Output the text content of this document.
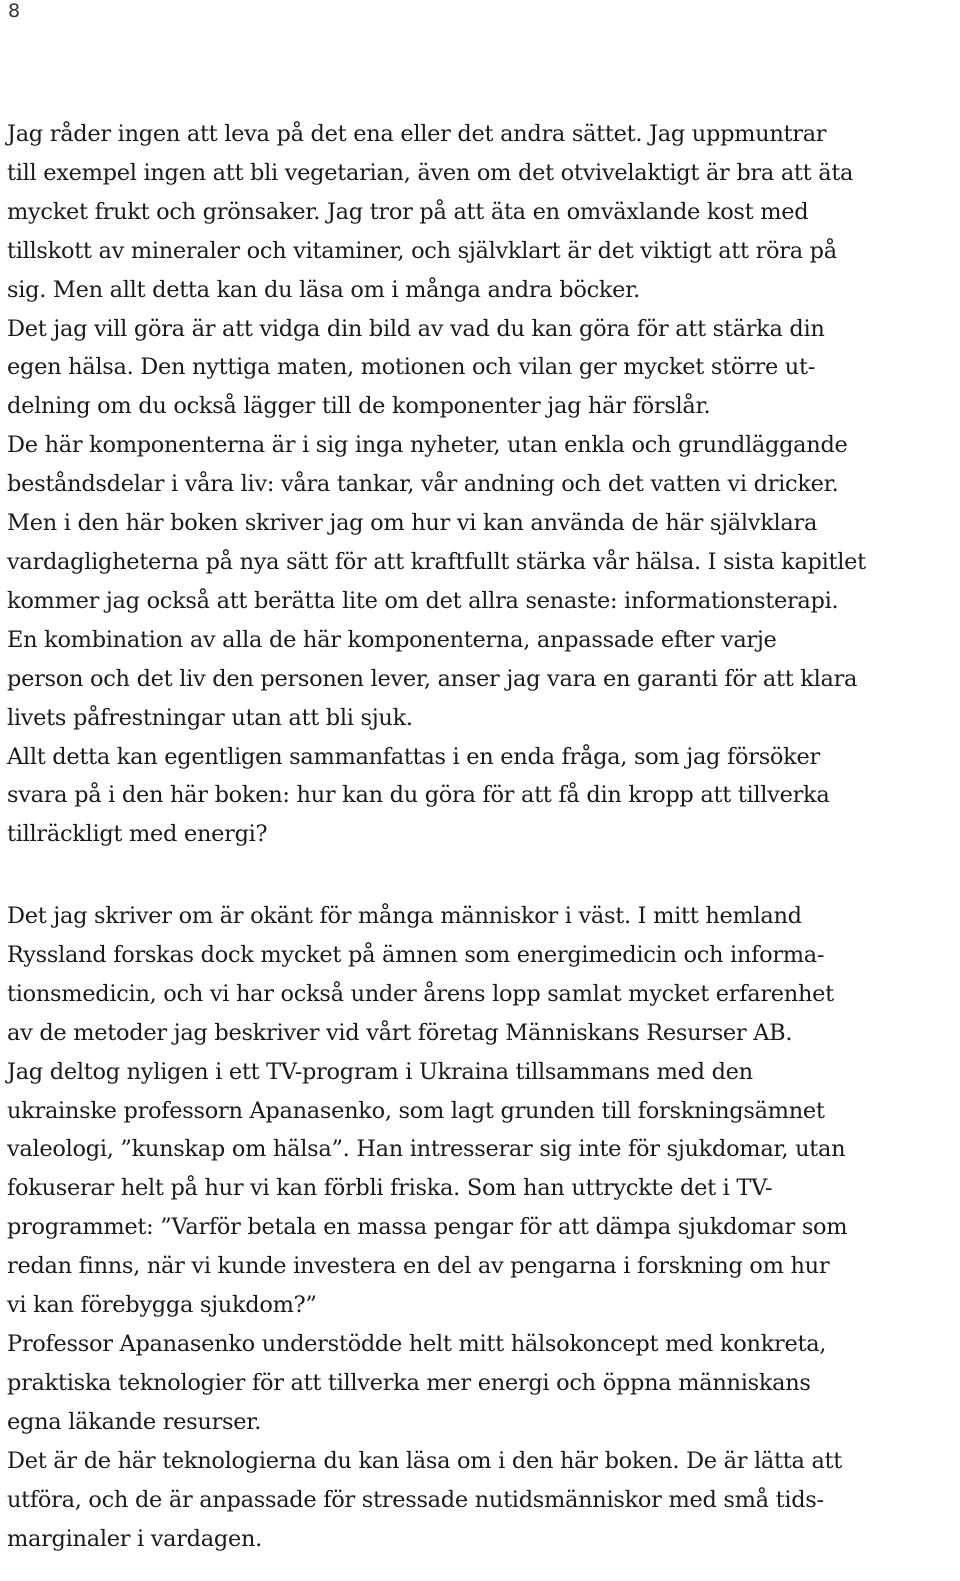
8
Jag råder ingen att leva på det ena eller det andra sättet. Jag uppmuntrar
till exempel ingen att bli vegetarian, även om det otvivelaktigt är bra att äta
mycket frukt och grönsaker. Jag tror på att äta en omväxlande kost med
tillskott av mineraler och vitaminer, och självklart är det viktigt att röra på
sig. Men allt detta kan du läsa om i många andra böcker.
Det jag vill göra är att vidga din bild av vad du kan göra för att stärka din
egen hälsa. Den nyttiga maten, motionen och vilan ger mycket större ut-
delning om du också lägger till de komponenter jag här förslår.
De här komponenterna är i sig inga nyheter, utan enkla och grundläggande
beståndsdelar i våra liv: våra tankar, vår andning och det vatten vi dricker.
Men i den här boken skriver jag om hur vi kan använda de här självklara
vardagligheterna på nya sätt för att kraftfullt stärka vår hälsa. I sista kapitlet
kommer jag också att berätta lite om det allra senaste: informationsterapi.
En kombination av alla de här komponenterna, anpassade efter varje
person och det liv den personen lever, anser jag vara en garanti för att klara
livets påfrestningar utan att bli sjuk.
Allt detta kan egentligen sammanfattas i en enda fråga, som jag försöker
svara på i den här boken: hur kan du göra för att få din kropp att tillverka
tillräckligt med energi?
Det jag skriver om är okänt för många människor i väst. I mitt hemland
Ryssland forskas dock mycket på ämnen som energimedicin och informa-
tionsmedicin, och vi har också under årens lopp samlat mycket erfarenhet
av de metoder jag beskriver vid vårt företag Människans Resurser AB.
Jag deltog nyligen i ett TV-program i Ukraina tillsammans med den
ukrainske professorn Apanasenko, som lagt grunden till forskningsämnet
valeologi, ”kunskap om hälsa”. Han intresserar sig inte för sjukdomar, utan
fokuserar helt på hur vi kan förbli friska. Som han uttryckte det i TV-
programmet: ”Varför betala en massa pengar för att dämpa sjukdomar som
redan finns, när vi kunde investera en del av pengarna i forskning om hur
vi kan förebygga sjukdom?”
Professor Apanasenko understödde helt mitt hälsokoncept med konkreta,
praktiska teknologier för att tillverka mer energi och öppna människans
egna läkande resurser.
Det är de här teknologierna du kan läsa om i den här boken. De är lätta att
utföra, och de är anpassade för stressade nutidsmänniskor med små tids-
marginaler i vardagen.
